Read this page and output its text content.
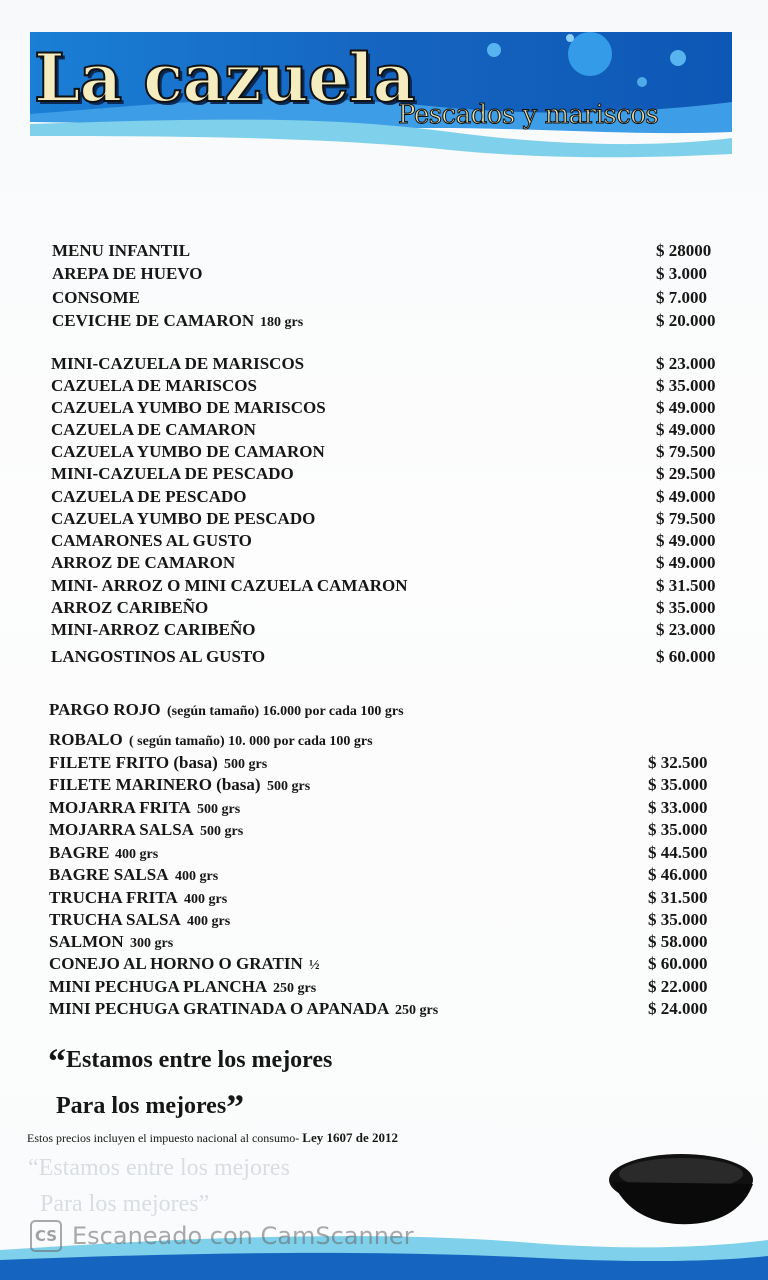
La cazuela
Pescados y mariscos
MENU INFANTIL	$ 28000
AREPA DE HUEVO	$ 3.000
CONSOME	$ 7.000
CEVICHE DE CAMARON 180 grs	$ 20.000
MINI-CAZUELA DE MARISCOS	$ 23.000
CAZUELA DE MARISCOS	$ 35.000
CAZUELA YUMBO DE MARISCOS	$ 49.000
CAZUELA DE CAMARON	$ 49.000
CAZUELA YUMBO DE CAMARON	$ 79.500
MINI-CAZUELA DE PESCADO	$ 29.500
CAZUELA DE PESCADO	$ 49.000
CAZUELA YUMBO DE PESCADO	$ 79.500
CAMARONES AL GUSTO	$ 49.000
ARROZ DE CAMARON	$ 49.000
MINI- ARROZ O MINI CAZUELA CAMARON	$ 31.500
ARROZ CARIBEÑO	$ 35.000
MINI-ARROZ CARIBEÑO	$ 23.000
LANGOSTINOS AL GUSTO	$ 60.000
PARGO ROJO (según tamaño) 16.000 por cada 100 grs
ROBALO ( según tamaño) 10. 000 por cada 100 grs
FILETE FRITO (basa) 500 grs	$ 32.500
FILETE MARINERO (basa) 500 grs	$ 35.000
MOJARRA FRITA 500 grs	$ 33.000
MOJARRA SALSA 500 grs	$ 35.000
BAGRE 400 grs	$ 44.500
BAGRE SALSA 400 grs	$ 46.000
TRUCHA FRITA 400 grs	$ 31.500
TRUCHA SALSA 400 grs	$ 35.000
SALMON 300 grs	$ 58.000
CONEJO AL HORNO O GRATIN ½	$ 60.000
MINI PECHUGA PLANCHA 250 grs	$ 22.000
MINI PECHUGA GRATINADA O APANADA 250 grs	$ 24.000
“Estamos entre los mejores
Para los mejores”
Estos precios incluyen el impuesto nacional al consumo- Ley 1607 de 2012
“Estamos entre los mejores
Para los mejores”
CS Escaneado con CamScanner
